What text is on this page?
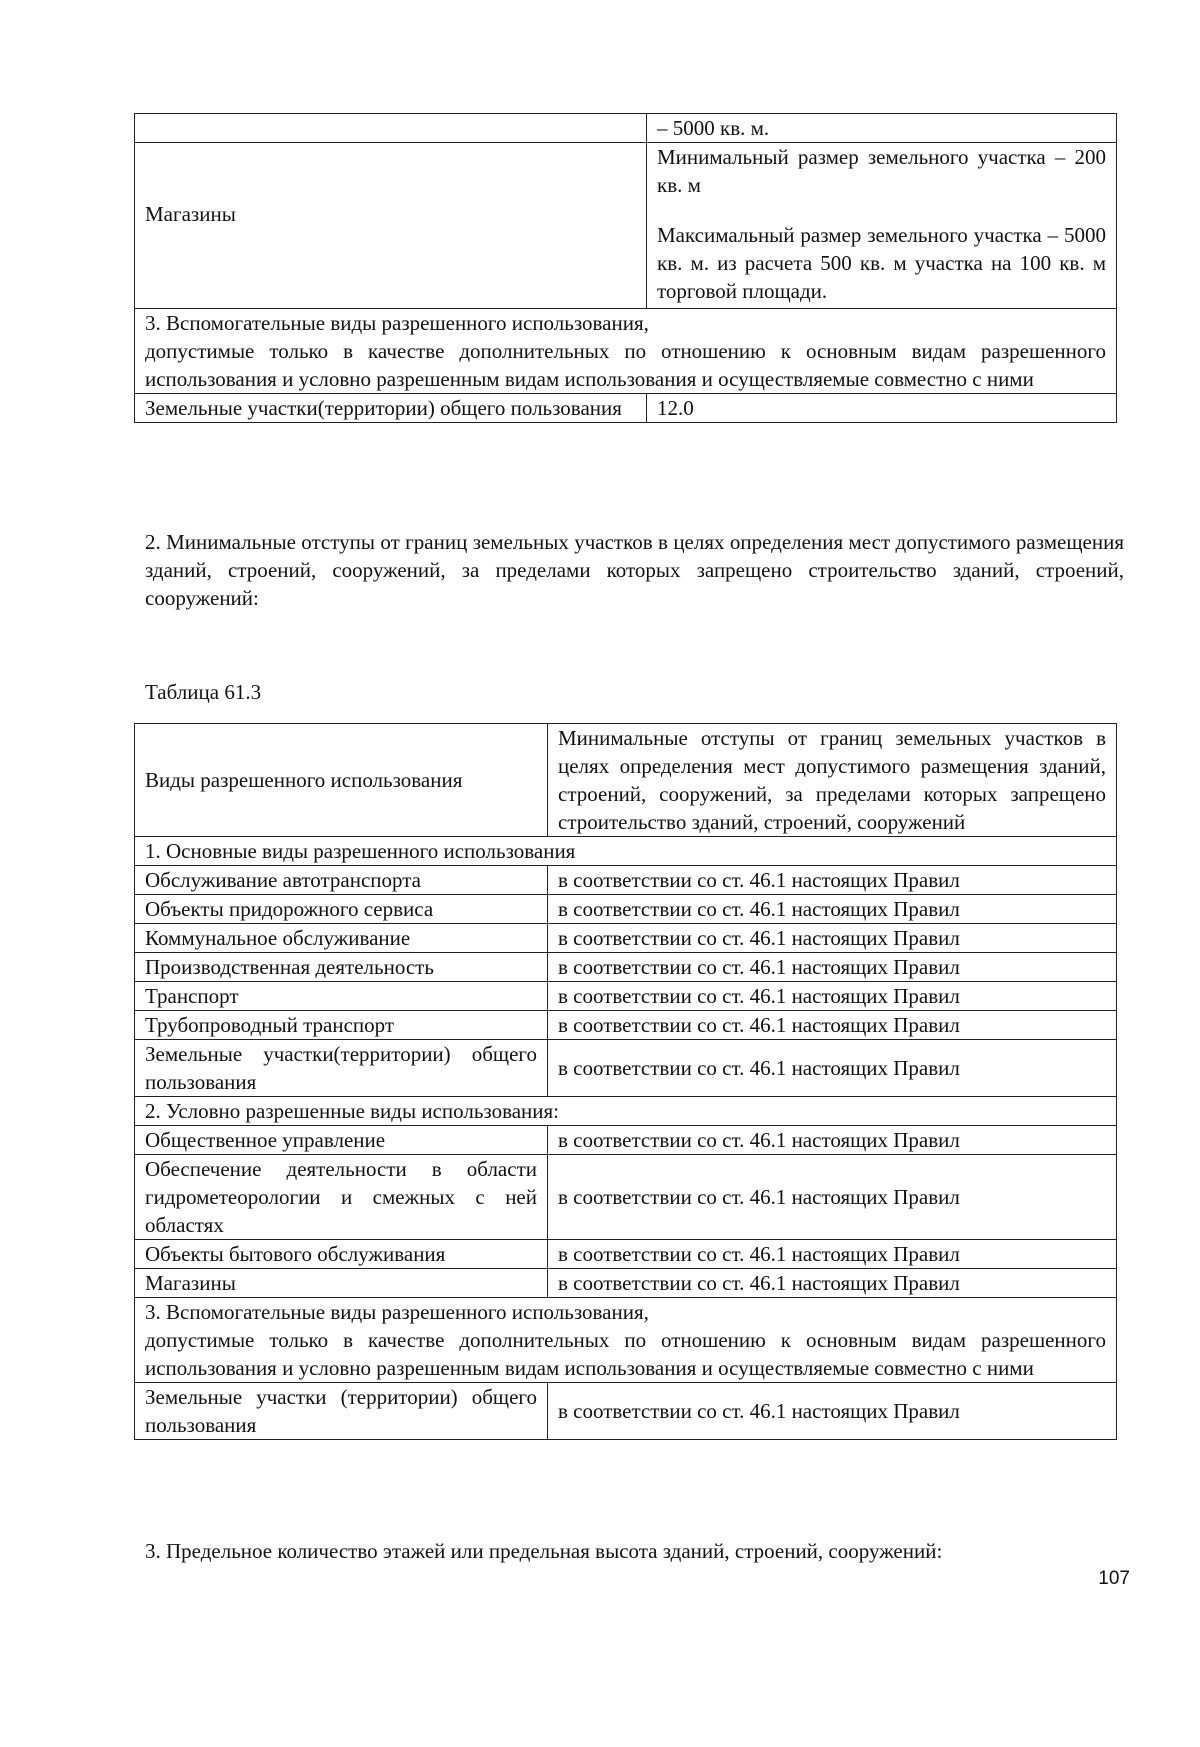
	– 5000 кв. м.
Магазины	Минимальный размер земельного участка – 200 кв. м
Максимальный размер земельного участка – 5000 кв. м. из расчета 500 кв. м участка на 100 кв. м торговой площади.

3. Вспомогательные виды разрешенного использования,
допустимые только в качестве дополнительных по отношению к основным видам разрешенного использования и условно разрешенным видам использования и осуществляемые совместно с ними	

Земельные участки(территории) общего пользования	12.0
2. Минимальные отступы от границ земельных участков в целях определения мест допустимого размещения зданий, строений, сооружений, за пределами которых запрещено строительство зданий, строений, сооружений:
Таблица 61.3
Виды разрешенного использования	Минимальные отступы от границ земельных участков в целях определения мест допустимого размещения зданий, строений, сооружений, за пределами которых запрещено строительство зданий, строений, сооружений
1. Основные виды разрешенного использования	
Обслуживание автотранспорта	в соответствии со ст. 46.1 настоящих Правил
Объекты придорожного сервиса	в соответствии со ст. 46.1 настоящих Правил
Коммунальное обслуживание	в соответствии со ст. 46.1 настоящих Правил
Производственная деятельность	в соответствии со ст. 46.1 настоящих Правил
Транспорт	в соответствии со ст. 46.1 настоящих Правил
Трубопроводный транспорт	в соответствии со ст. 46.1 настоящих Правил
Земельные участки(территории) общего пользования	в соответствии со ст. 46.1 настоящих Правил
2. Условно разрешенные виды использования:	
Общественное управление	в соответствии со ст. 46.1 настоящих Правил
Обеспечение деятельности в области гидрометеорологии и смежных с ней областях	в соответствии со ст. 46.1 настоящих Правил
Объекты бытового обслуживания	в соответствии со ст. 46.1 настоящих Правил
Магазины	в соответствии со ст. 46.1 настоящих Правил

3. Вспомогательные виды разрешенного использования,
допустимые только в качестве дополнительных по отношению к основным видам разрешенного использования и условно разрешенным видам использования и осуществляемые совместно с ними	

Земельные участки (территории) общего пользования	в соответствии со ст. 46.1 настоящих Правил
3. Предельное количество этажей или предельная высота зданий, строений, сооружений:
107
